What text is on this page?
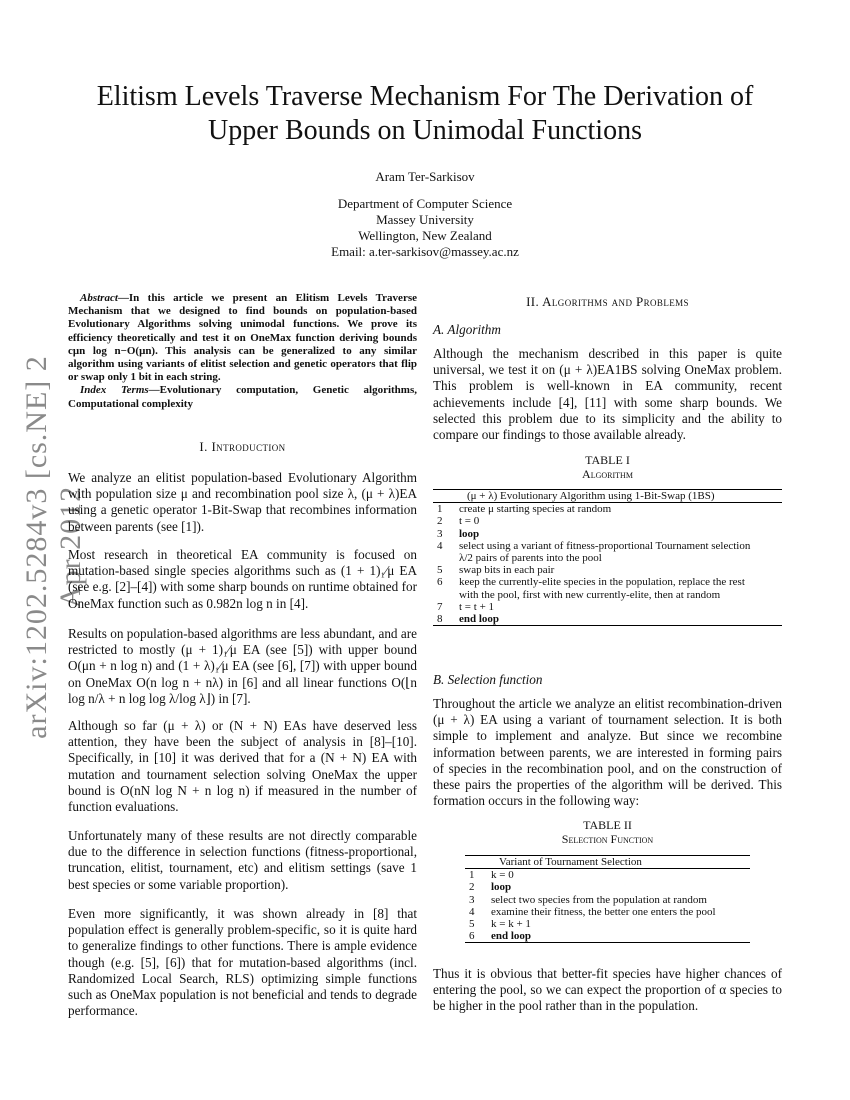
Elitism Levels Traverse Mechanism For The Derivation of Upper Bounds on Unimodal Functions
Aram Ter-Sarkisov
Department of Computer Science
Massey University
Wellington, New Zealand
Email: a.ter-sarkisov@massey.ac.nz
arXiv:1202.5284v3 [cs.NE] 2 Apr 2012

Abstract—In this article we present an Elitism Levels Traverse Mechanism that we designed to find bounds on population-based Evolutionary Algorithms solving unimodal functions. We prove its efficiency theoretically and test it on OneMax function deriving bounds cμn log n−O(μn). This analysis can be generalized to any similar algorithm using variants of elitist selection and genetic operators that flip or swap only 1 bit in each string.

Index Terms—Evolutionary computation, Genetic algorithms, Computational complexity

I. Introduction

We analyze an elitist population-based Evolutionary Algorithm with population size μ and recombination pool size λ, (μ + λ)EA using a genetic operator 1-Bit-Swap that recombines information between parents (see [1]).

Most research in theoretical EA community is focused on mutation-based single species algorithms such as (1 + 1)₁⁄μ EA (see e.g. [2]–[4]) with some sharp bounds on runtime obtained for OneMax function such as 0.982n log n in [4].

Results on population-based algorithms are less abundant, and are restricted to mostly (μ + 1)₁⁄μ EA (see [5]) with upper bound O(μn + n log n) and (1 + λ)₁⁄μ EA (see [6], [7]) with upper bound on OneMax O(n log n + nλ) in [6] and all linear functions O(⌊n log n/λ + n log log λ/log λ⌋) in [7].

Although so far (μ + λ) or (N + N) EAs have deserved less attention, they have been the subject of analysis in [8]–[10]. Specifically, in [10] it was derived that for a (N + N) EA with mutation and tournament selection solving OneMax the upper bound is O(nN log N + n log n) if measured in the number of function evaluations.

Unfortunately many of these results are not directly comparable due to the difference in selection functions (fitness-proportional, truncation, elitist, tournament, etc) and elitism settings (save 1 best species or some variable proportion).

Even more significantly, it was shown already in [8] that population effect is generally problem-specific, so it is quite hard to generalize findings to other functions. There is ample evidence though (e.g. [5], [6]) that for mutation-based algorithms (incl. Randomized Local Search, RLS) optimizing simple functions such as OneMax population is not beneficial and tends to degrade performance.

II. Algorithms and Problems
A. Algorithm

Although the mechanism described in this paper is quite universal, we test it on (μ + λ)EA1BS solving OneMax problem. This problem is well-known in EA community, recent achievements include [4], [11] with some sharp bounds. We selected this problem due to its simplicity and the ability to compare our findings to those available already.

TABLE I
Algorithm
	(μ + λ) Evolutionary Algorithm using 1-Bit-Swap (1BS)
1	create μ starting species at random
2	t = 0
3	loop
4	select using a variant of fitness-proportional Tournament selection
	λ/2 pairs of parents into the pool
5	swap bits in each pair
6	keep the currently-elite species in the population, replace the rest
	with the pool, first with new currently-elite, then at random
7	t = t + 1
8	end loop
B. Selection function

Throughout the article we analyze an elitist recombination-driven (μ + λ) EA using a variant of tournament selection. It is both simple to implement and analyze. But since we recombine information between parents, we are interested in forming pairs of species in the recombination pool, and on the construction of these pairs the properties of the algorithm will be derived. This formation occurs in the following way:

TABLE II
Selection Function
	Variant of Tournament Selection
1	k = 0
2	loop
3	select two species from the population at random
4	examine their fitness, the better one enters the pool
5	k = k + 1
6	end loop

Thus it is obvious that better-fit species have higher chances of entering the pool, so we can expect the proportion of α species to be higher in the pool rather than in the population.
